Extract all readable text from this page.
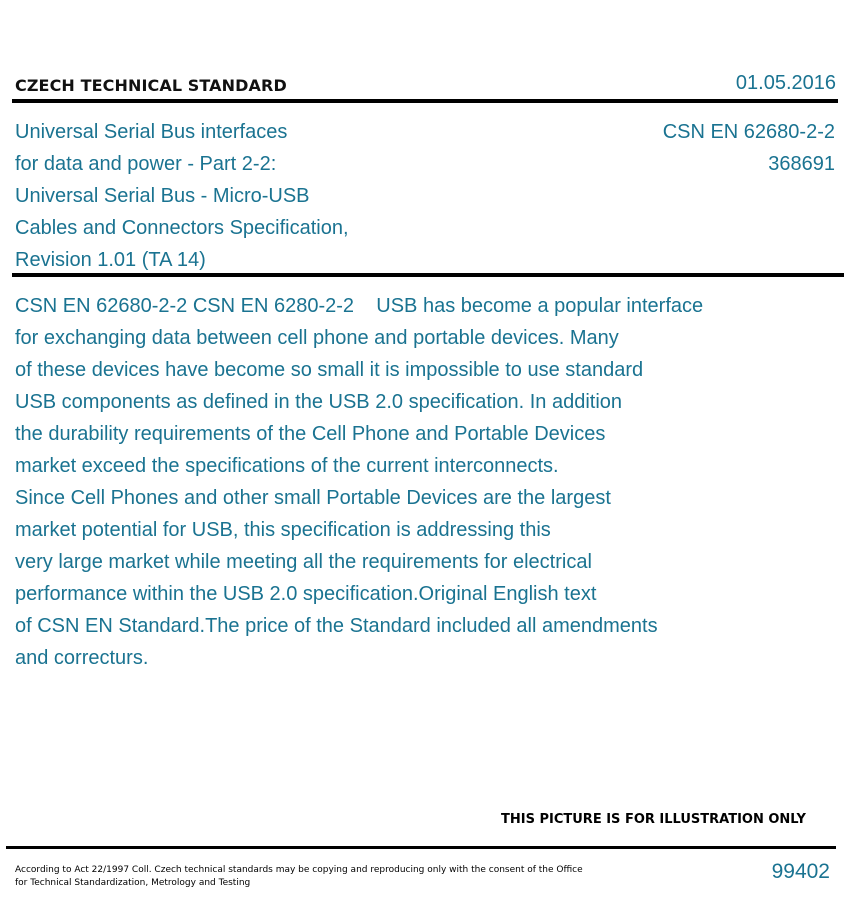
CZECH TECHNICAL STANDARD	01.05.2016
Universal Serial Bus interfaces
for data and power - Part 2-2:
Universal Serial Bus - Micro-USB
Cables and Connectors Specification,
Revision 1.01 (TA 14)
CSN EN 62680-2-2
368691
CSN EN 62680-2-2 CSN EN 6280-2-2    USB has become a popular interface
for exchanging data between cell phone and portable devices. Many
of these devices have become so small it is impossible to use standard
USB components as defined in the USB 2.0 specification. In addition
the durability requirements of the Cell Phone and Portable Devices
market exceed the specifications of the current interconnects.
Since Cell Phones and other small Portable Devices are the largest
market potential for USB, this specification is addressing this
very large market while meeting all the requirements for electrical
performance within the USB 2.0 specification.Original English text
of CSN EN Standard.The price of the Standard included all amendments
and correcturs.
THIS PICTURE IS FOR ILLUSTRATION ONLY
According to Act 22/1997 Coll. Czech technical standards may be copying and reproducing only with the consent of the Office
for Technical Standardization, Metrology and Testing	99402
